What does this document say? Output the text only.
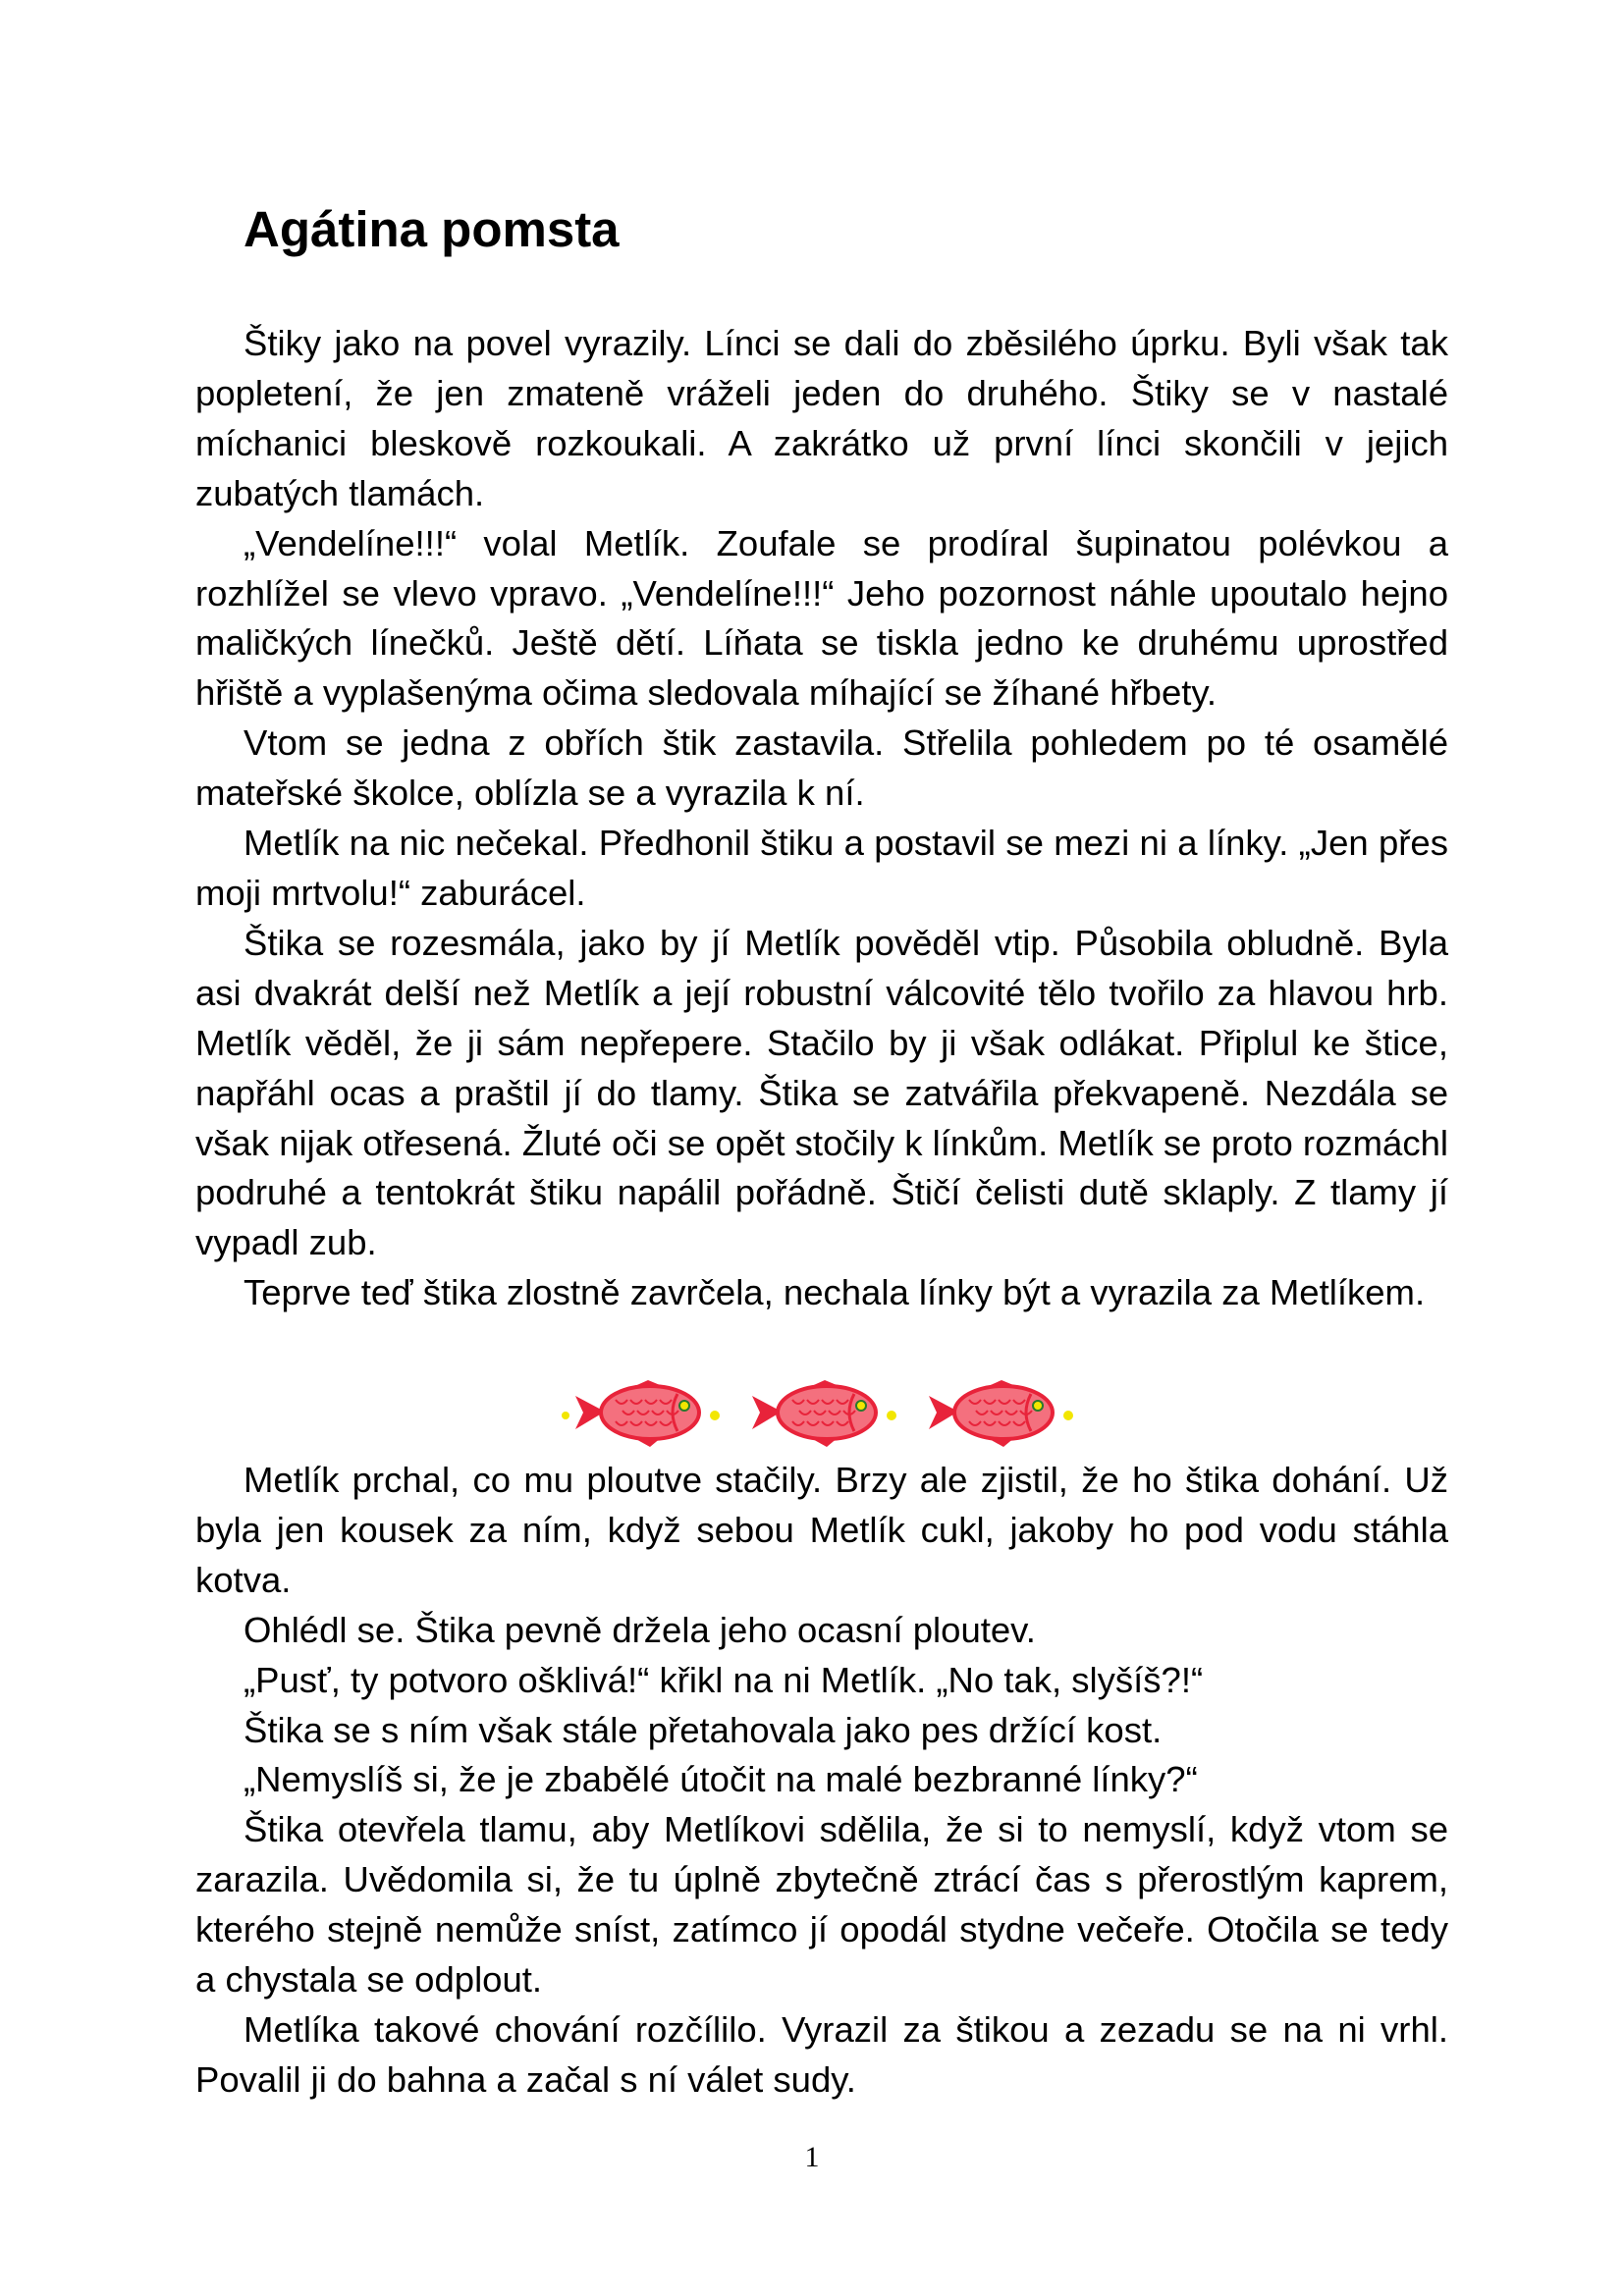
Agátina pomsta

Štiky jako na povel vyrazily. Línci se dali do zběsilého úprku. Byli však tak popletení, že jen zmateně vráželi jeden do druhého. Štiky se v nastalé míchanici bleskově rozkoukali. A zakrátko už první línci skončili v jejich zubatých tlamách.

„Vendelíne!!!“ volal Metlík. Zoufale se prodíral šupinatou polévkou a rozhlížel se vlevo vpravo. „Vendelíne!!!“ Jeho pozornost náhle upoutalo hejno maličkých línečků. Ještě dětí. Líňata se tiskla jedno ke druhému uprostřed hřiště a vyplašenýma očima sledovala míhající se žíhané hřbety.

Vtom se jedna z obřích štik zastavila. Střelila pohledem po té osamělé mateřské školce, oblízla se a vyrazila k ní.

Metlík na nic nečekal. Předhonil štiku a postavil se mezi ni a línky. „Jen přes moji mrtvolu!“ zaburácel.

Štika se rozesmála, jako by jí Metlík pověděl vtip. Působila obludně. Byla asi dvakrát delší než Metlík a její robustní válcovité tělo tvořilo za hlavou hrb. Metlík věděl, že ji sám nepřepere. Stačilo by ji však odlákat. Připlul ke štice, napřáhl ocas a praštil jí do tlamy. Štika se zatvářila překvapeně. Nezdála se však nijak otřesená. Žluté oči se opět stočily k línkům. Metlík se proto rozmáchl podruhé a tentokrát štiku napálil pořádně. Štičí čelisti dutě sklaply. Z tlamy jí vypadl zub.

Teprve teď štika zlostně zavrčela, nechala línky být a vyrazila za Metlíkem.

Metlík prchal, co mu ploutve stačily. Brzy ale zjistil, že ho štika dohání. Už byla jen kousek za ním, když sebou Metlík cukl, jakoby ho pod vodu stáhla kotva.

Ohlédl se. Štika pevně držela jeho ocasní ploutev.

„Pusť, ty potvoro ošklivá!“ křikl na ni Metlík. „No tak, slyšíš?!“

Štika se s ním však stále přetahovala jako pes držící kost.

„Nemyslíš si, že je zbabělé útočit na malé bezbranné línky?“

Štika otevřela tlamu, aby Metlíkovi sdělila, že si to nemyslí, když vtom se zarazila. Uvědomila si, že tu úplně zbytečně ztrácí čas s přerostlým kaprem, kterého stejně nemůže sníst, zatímco jí opodál stydne večeře. Otočila se tedy a chystala se odplout.

Metlíka takové chování rozčílilo. Vyrazil za štikou a zezadu se na ni vrhl. Povalil ji do bahna a začal s ní válet sudy.

1
